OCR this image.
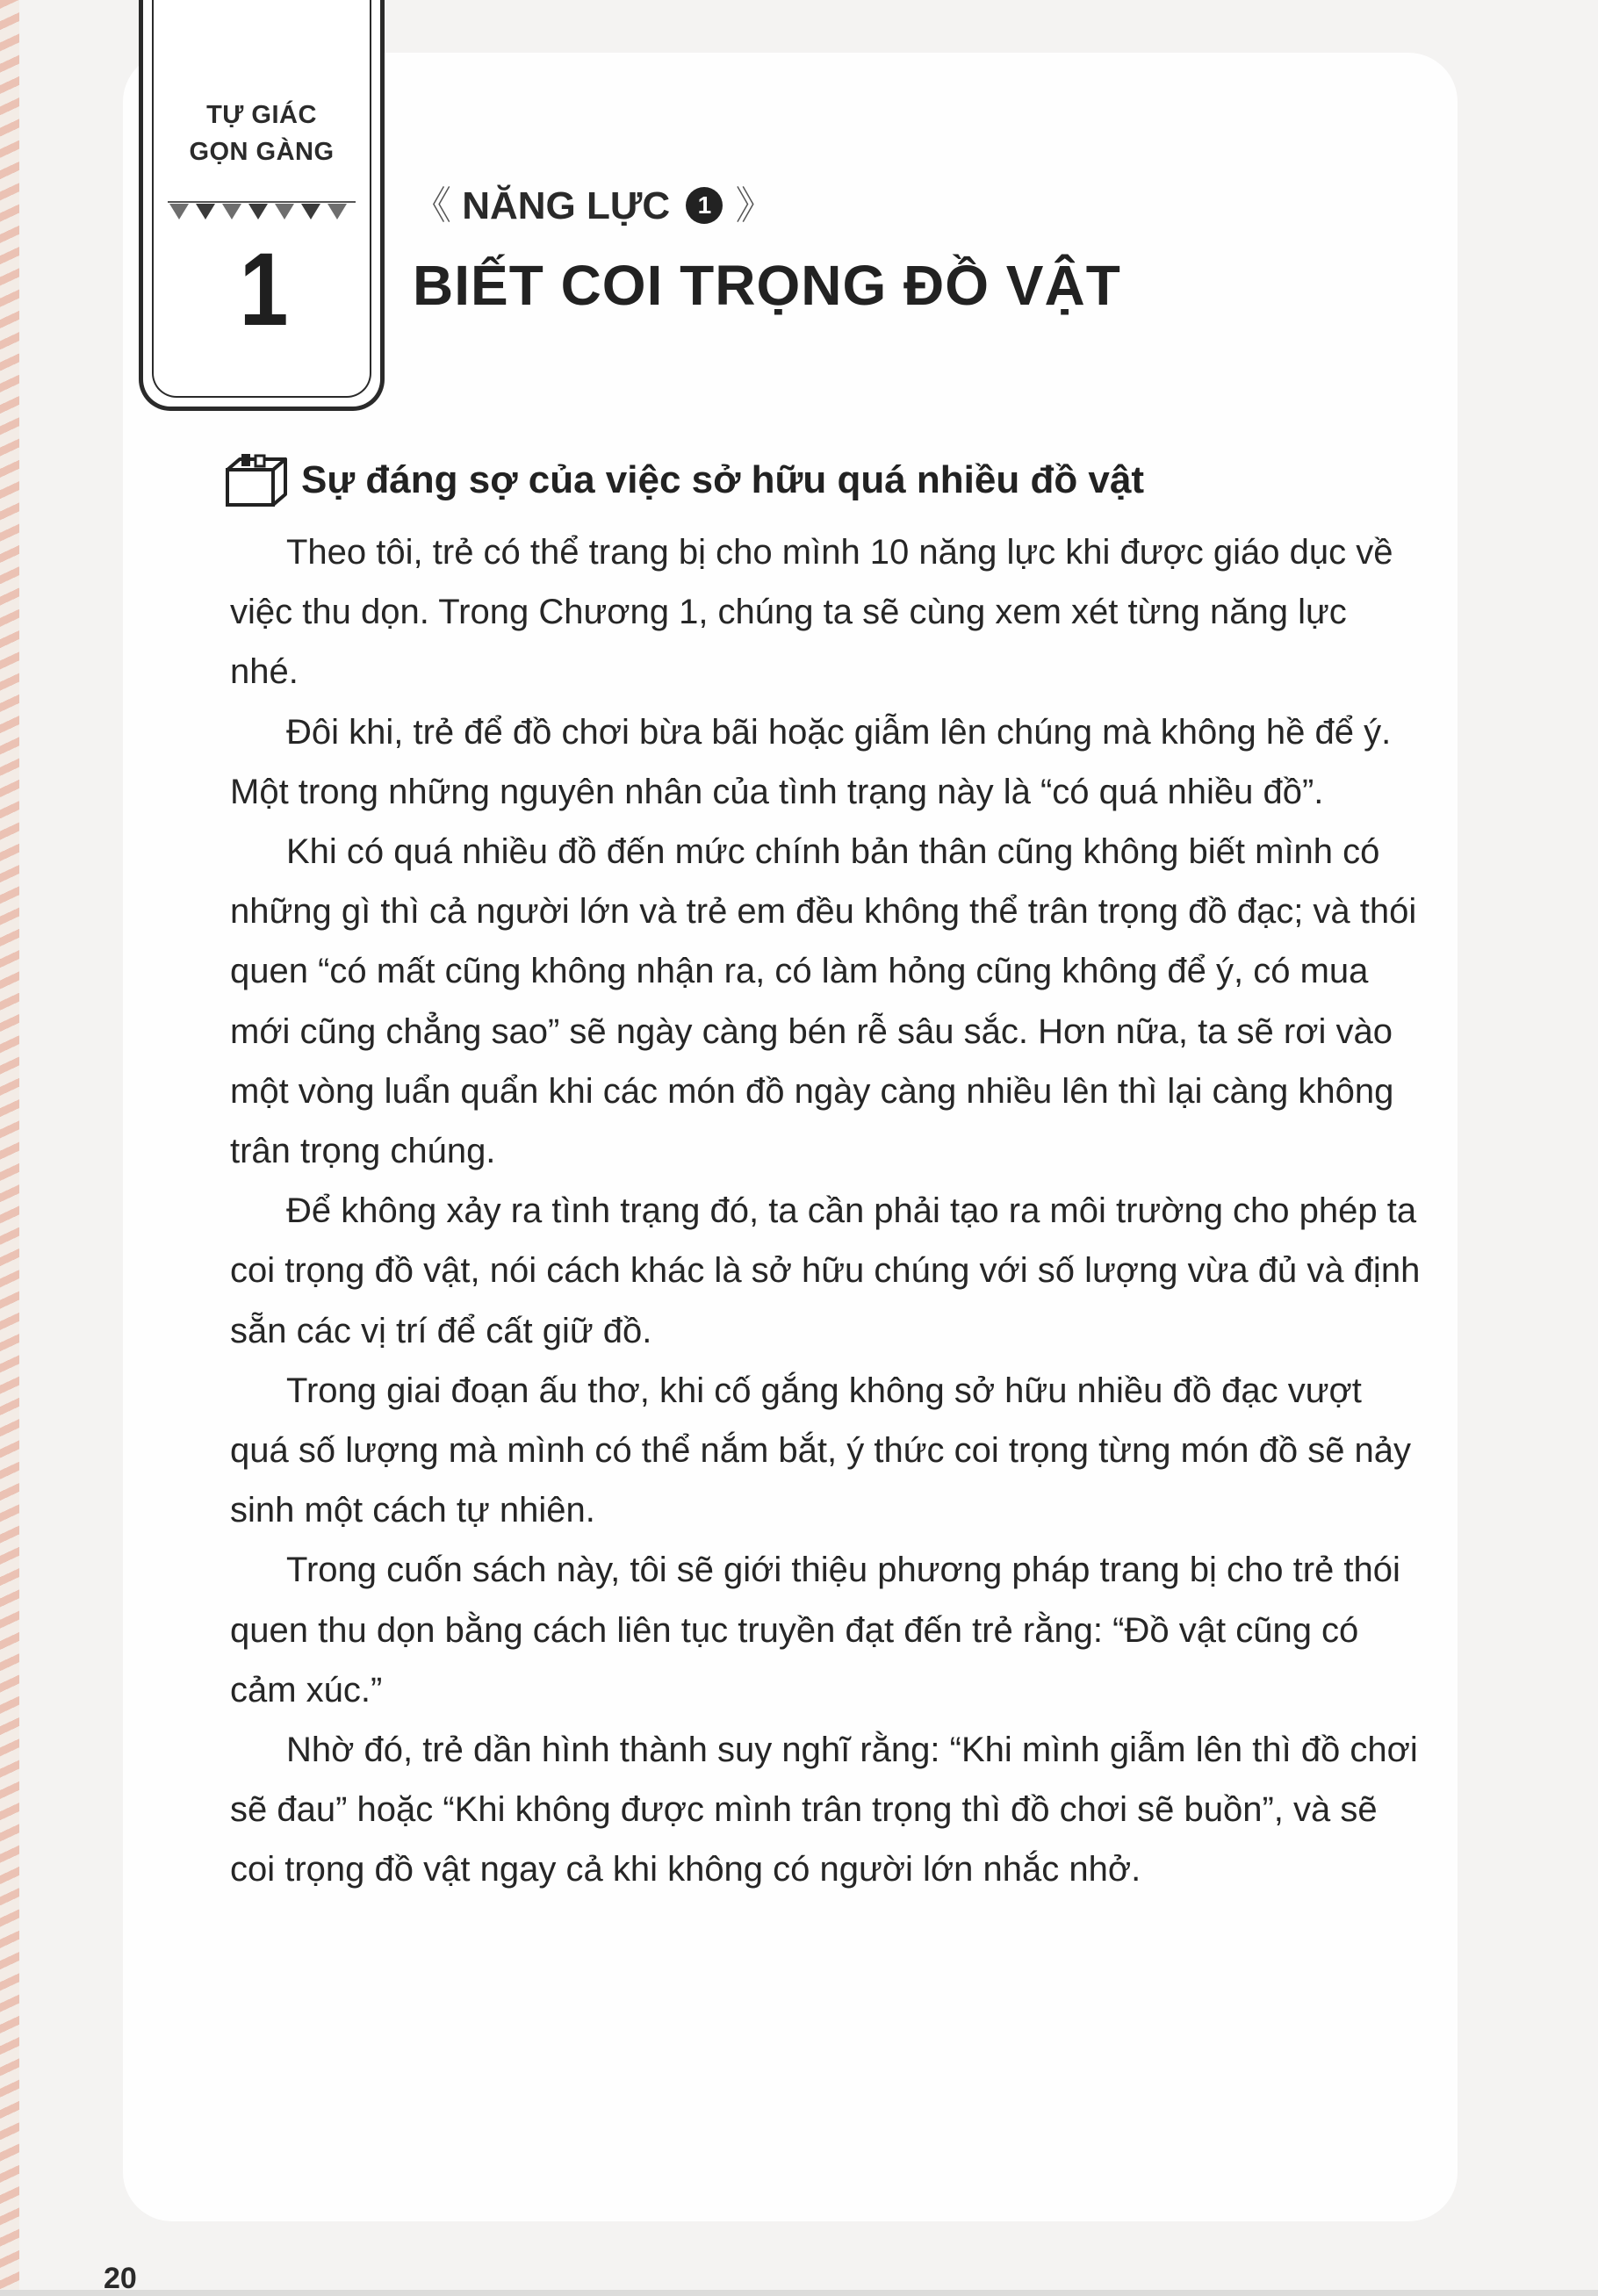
TỰ GIÁC
GỌN GÀNG
1
《 NĂNG LỰC 1 》
BIẾT COI TRỌNG ĐỒ VẬT
Sự đáng sợ của việc sở hữu quá nhiều đồ vật

Theo tôi, trẻ có thể trang bị cho mình 10 năng lực khi được giáo dục về việc thu dọn. Trong Chương 1, chúng ta sẽ cùng xem xét từng năng lực nhé.

Đôi khi, trẻ để đồ chơi bừa bãi hoặc giẫm lên chúng mà không hề để ý. Một trong những nguyên nhân của tình trạng này là “có quá nhiều đồ”.

Khi có quá nhiều đồ đến mức chính bản thân cũng không biết mình có những gì thì cả người lớn và trẻ em đều không thể trân trọng đồ đạc; và thói quen “có mất cũng không nhận ra, có làm hỏng cũng không để ý, có mua mới cũng chẳng sao” sẽ ngày càng bén rễ sâu sắc. Hơn nữa, ta sẽ rơi vào một vòng luẩn quẩn khi các món đồ ngày càng nhiều lên thì lại càng không trân trọng chúng.

Để không xảy ra tình trạng đó, ta cần phải tạo ra môi trường cho phép ta coi trọng đồ vật, nói cách khác là sở hữu chúng với số lượng vừa đủ và định sẵn các vị trí để cất giữ đồ.

Trong giai đoạn ấu thơ, khi cố gắng không sở hữu nhiều đồ đạc vượt quá số lượng mà mình có thể nắm bắt, ý thức coi trọng từng món đồ sẽ nảy sinh một cách tự nhiên.

Trong cuốn sách này, tôi sẽ giới thiệu phương pháp trang bị cho trẻ thói quen thu dọn bằng cách liên tục truyền đạt đến trẻ rằng: “Đồ vật cũng có cảm xúc.”

Nhờ đó, trẻ dần hình thành suy nghĩ rằng: “Khi mình giẫm lên thì đồ chơi sẽ đau” hoặc “Khi không được mình trân trọng thì đồ chơi sẽ buồn”, và sẽ coi trọng đồ vật ngay cả khi không có người lớn nhắc nhở.

20
